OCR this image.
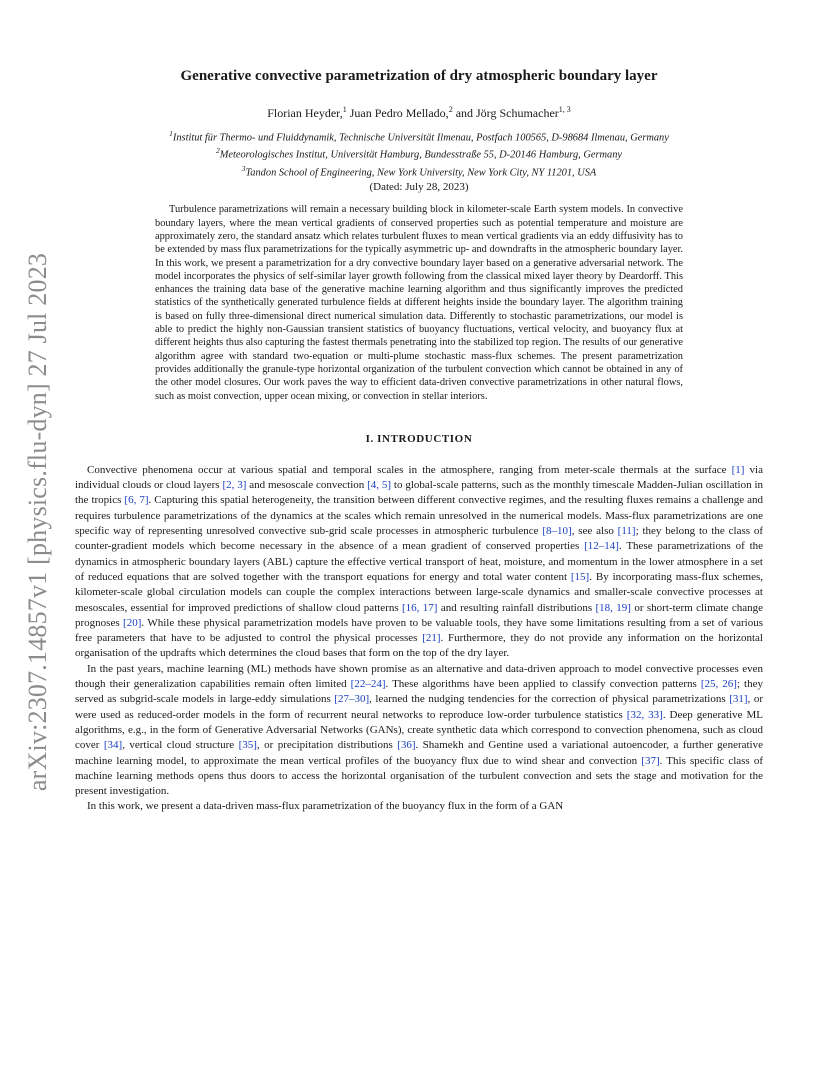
arXiv:2307.14857v1 [physics.flu-dyn] 27 Jul 2023
Generative convective parametrization of dry atmospheric boundary layer
Florian Heyder,$^1$ Juan Pedro Mellado,$^2$ and Jörg Schumacher$^{1, 3}$
$^1$Institut für Thermo- und Fluiddynamik, Technische Universität Ilmenau, Postfach 100565, D-98684 Ilmenau, Germany
$^2$Meteorologisches Institut, Universität Hamburg, Bundesstraße 55, D-20146 Hamburg, Germany
$^3$Tandon School of Engineering, New York University, New York City, NY 11201, USA
(Dated: July 28, 2023)
Turbulence parametrizations will remain a necessary building block in kilometer-scale Earth system models. In convective boundary layers, where the mean vertical gradients of conserved properties such as potential temperature and moisture are approximately zero, the standard ansatz which relates turbulent fluxes to mean vertical gradients via an eddy diffusivity has to be extended by mass flux parametrizations for the typically asymmetric up- and downdrafts in the atmospheric boundary layer. In this work, we present a parametrization for a dry convective boundary layer based on a generative adversarial network. The model incorporates the physics of self-similar layer growth following from the classical mixed layer theory by Deardorff. This enhances the training data base of the generative machine learning algorithm and thus significantly improves the predicted statistics of the synthetically generated turbulence fields at different heights inside the boundary layer. The algorithm training is based on fully three-dimensional direct numerical simulation data. Differently to stochastic parametrizations, our model is able to predict the highly non-Gaussian transient statistics of buoyancy fluctuations, vertical velocity, and buoyancy flux at different heights thus also capturing the fastest thermals penetrating into the stabilized top region. The results of our generative algorithm agree with standard two-equation or multi-plume stochastic mass-flux schemes. The present parametrization provides additionally the granule-type horizontal organization of the turbulent convection which cannot be obtained in any of the other model closures. Our work paves the way to efficient data-driven convective parametrizations in other natural flows, such as moist convection, upper ocean mixing, or convection in stellar interiors.
I. INTRODUCTION

Convective phenomena occur at various spatial and temporal scales in the atmosphere, ranging from meter-scale thermals at the surface [1] via individual clouds or cloud layers [2, 3] and mesoscale convection [4, 5] to global-scale patterns, such as the monthly timescale Madden-Julian oscillation in the tropics [6, 7]. Capturing this spatial heterogeneity, the transition between different convective regimes, and the resulting fluxes remains a challenge and requires turbulence parametrizations of the dynamics at the scales which remain unresolved in the numerical models. Mass-flux parametrizations are one specific way of representing unresolved convective sub-grid scale processes in atmospheric turbulence [8–10], see also [11]; they belong to the class of counter-gradient models which become necessary in the absence of a mean gradient of conserved properties [12–14]. These parametrizations of the dynamics in atmospheric boundary layers (ABL) capture the effective vertical transport of heat, moisture, and momentum in the lower atmosphere in a set of reduced equations that are solved together with the transport equations for energy and total water content [15]. By incorporating mass-flux schemes, kilometer-scale global circulation models can couple the complex interactions between large-scale dynamics and smaller-scale convective processes at mesoscales, essential for improved predictions of shallow cloud patterns [16, 17] and resulting rainfall distributions [18, 19] or short-term climate change prognoses [20]. While these physical parametrization models have proven to be valuable tools, they have some limitations resulting from a set of various free parameters that have to be adjusted to control the physical processes [21]. Furthermore, they do not provide any information on the horizontal organisation of the updrafts which determines the cloud bases that form on the top of the dry layer.

In the past years, machine learning (ML) methods have shown promise as an alternative and data-driven approach to model convective processes even though their generalization capabilities remain often limited [22–24]. These algorithms have been applied to classify convection patterns [25, 26]; they served as subgrid-scale models in large-eddy simulations [27–30], learned the nudging tendencies for the correction of physical parametrizations [31], or were used as reduced-order models in the form of recurrent neural networks to reproduce low-order turbulence statistics [32, 33]. Deep generative ML algorithms, e.g., in the form of Generative Adversarial Networks (GANs), create synthetic data which correspond to convection phenomena, such as cloud cover [34], vertical cloud structure [35], or precipitation distributions [36]. Shamekh and Gentine used a variational autoencoder, a further generative machine learning model, to approximate the mean vertical profiles of the buoyancy flux due to wind shear and convection [37]. This specific class of machine learning methods opens thus doors to access the horizontal organisation of the turbulent convection and sets the stage and motivation for the present investigation.

In this work, we present a data-driven mass-flux parametrization of the buoyancy flux in the form of a GAN
